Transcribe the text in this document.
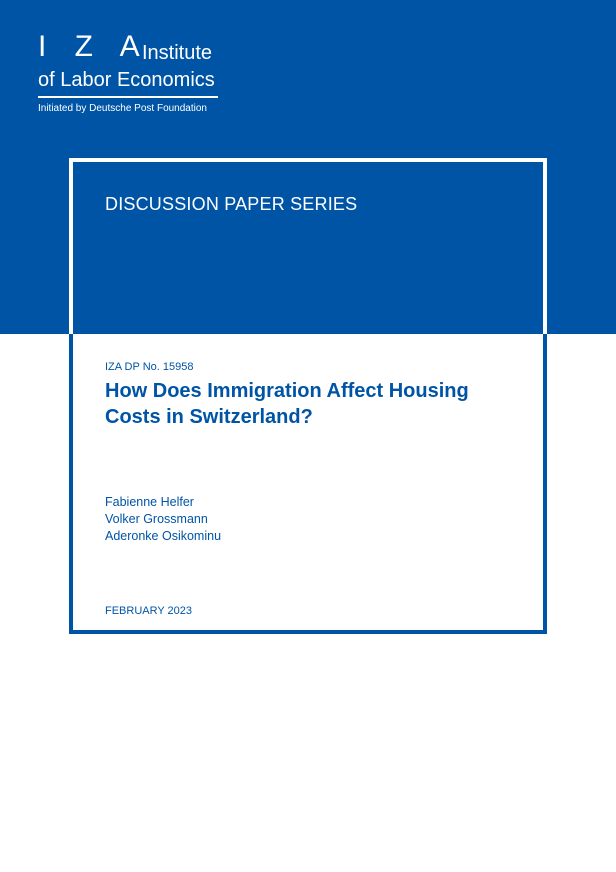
I Z A
Institute
of Labor Economics
Initiated by Deutsche Post Foundation
DISCUSSION PAPER SERIES
IZA DP No. 15958
How Does Immigration Affect Housing Costs in Switzerland?
Fabienne Helfer
Volker Grossmann
Aderonke Osikominu
FEBRUARY 2023
